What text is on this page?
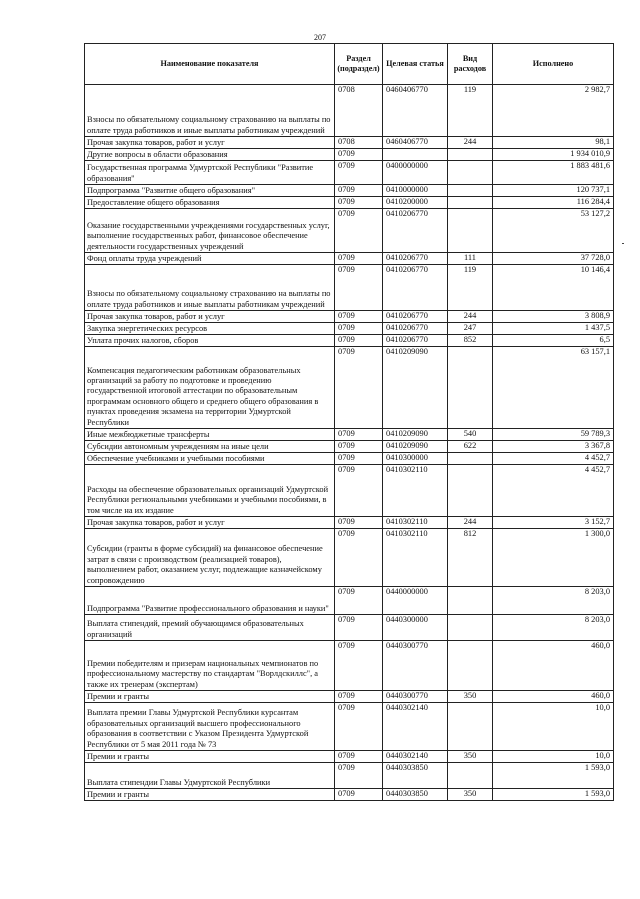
207
Наименование показателя	Раздел (подраздел)	Целевая статья	Вид расходов	Исполнено
Взносы по обязательному социальному страхованию на выплаты по оплате труда работников и иные выплаты работникам учреждений	0708	0460406770	119	2 982,7
Прочая закупка товаров, работ и услуг	0708	0460406770	244	98,1
Другие вопросы в области образования	0709			1 934 010,9
Государственная программа Удмуртской Республики "Развитие образования"	0709	0400000000		1 883 481,6
Подпрограмма "Развитие общего образования"	0709	0410000000		120 737,1
Предоставление общего образования	0709	0410200000		116 284,4
Оказание государственными учреждениями государственных услуг, выполнение государственных работ, финансовое обеспечение деятельности государственных учреждений	0709	0410206770		53 127,2
Фонд оплаты труда учреждений	0709	0410206770	111	37 728,0
Взносы по обязательному социальному страхованию на выплаты по оплате труда работников и иные выплаты работникам учреждений	0709	0410206770	119	10 146,4
Прочая закупка товаров, работ и услуг	0709	0410206770	244	3 808,9
Закупка энергетических ресурсов	0709	0410206770	247	1 437,5
Уплата прочих налогов, сборов	0709	0410206770	852	6,5
Компенсация педагогическим работникам образовательных организаций за работу по подготовке и проведению государственной итоговой аттестации по образовательным программам основного общего и среднего общего образования в пунктах проведения экзамена на территории Удмуртской Республики	0709	0410209090		63 157,1
Иные межбюджетные трансферты	0709	0410209090	540	59 789,3
Субсидии автономным учреждениям на иные цели	0709	0410209090	622	3 367,8
Обеспечение учебниками и учебными пособиями	0709	0410300000		4 452,7
Расходы на обеспечение образовательных организаций Удмуртской Республики региональными учебниками и учебными пособиями, в том числе на их издание	0709	0410302110		4 452,7
Прочая закупка товаров, работ и услуг	0709	0410302110	244	3 152,7
Субсидии (гранты в форме субсидий) на финансовое обеспечение затрат в связи с производством (реализацией товаров), выполнением работ, оказанием услуг, подлежащие казначейскому сопровождению	0709	0410302110	812	1 300,0
Подпрограмма "Развитие профессионального образования и науки"	0709	0440000000		8 203,0
Выплата стипендий, премий обучающимся образовательных организаций	0709	0440300000		8 203,0
Премии победителям и призерам национальных чемпионатов по профессиональному мастерству по стандартам "Ворлдскиллс", а также их тренерам (экспертам)	0709	0440300770		460,0
Премии и гранты	0709	0440300770	350	460,0
Выплата премии Главы Удмуртской Республики курсантам образовательных организаций высшего профессионального образования в соответствии с Указом Президента Удмуртской Республики от 5 мая 2011 года № 73	0709	0440302140		10,0
Премии и гранты	0709	0440302140	350	10,0
Выплата стипендии Главы Удмуртской Республики	0709	0440303850		1 593,0
Премии и гранты	0709	0440303850	350	1 593,0
